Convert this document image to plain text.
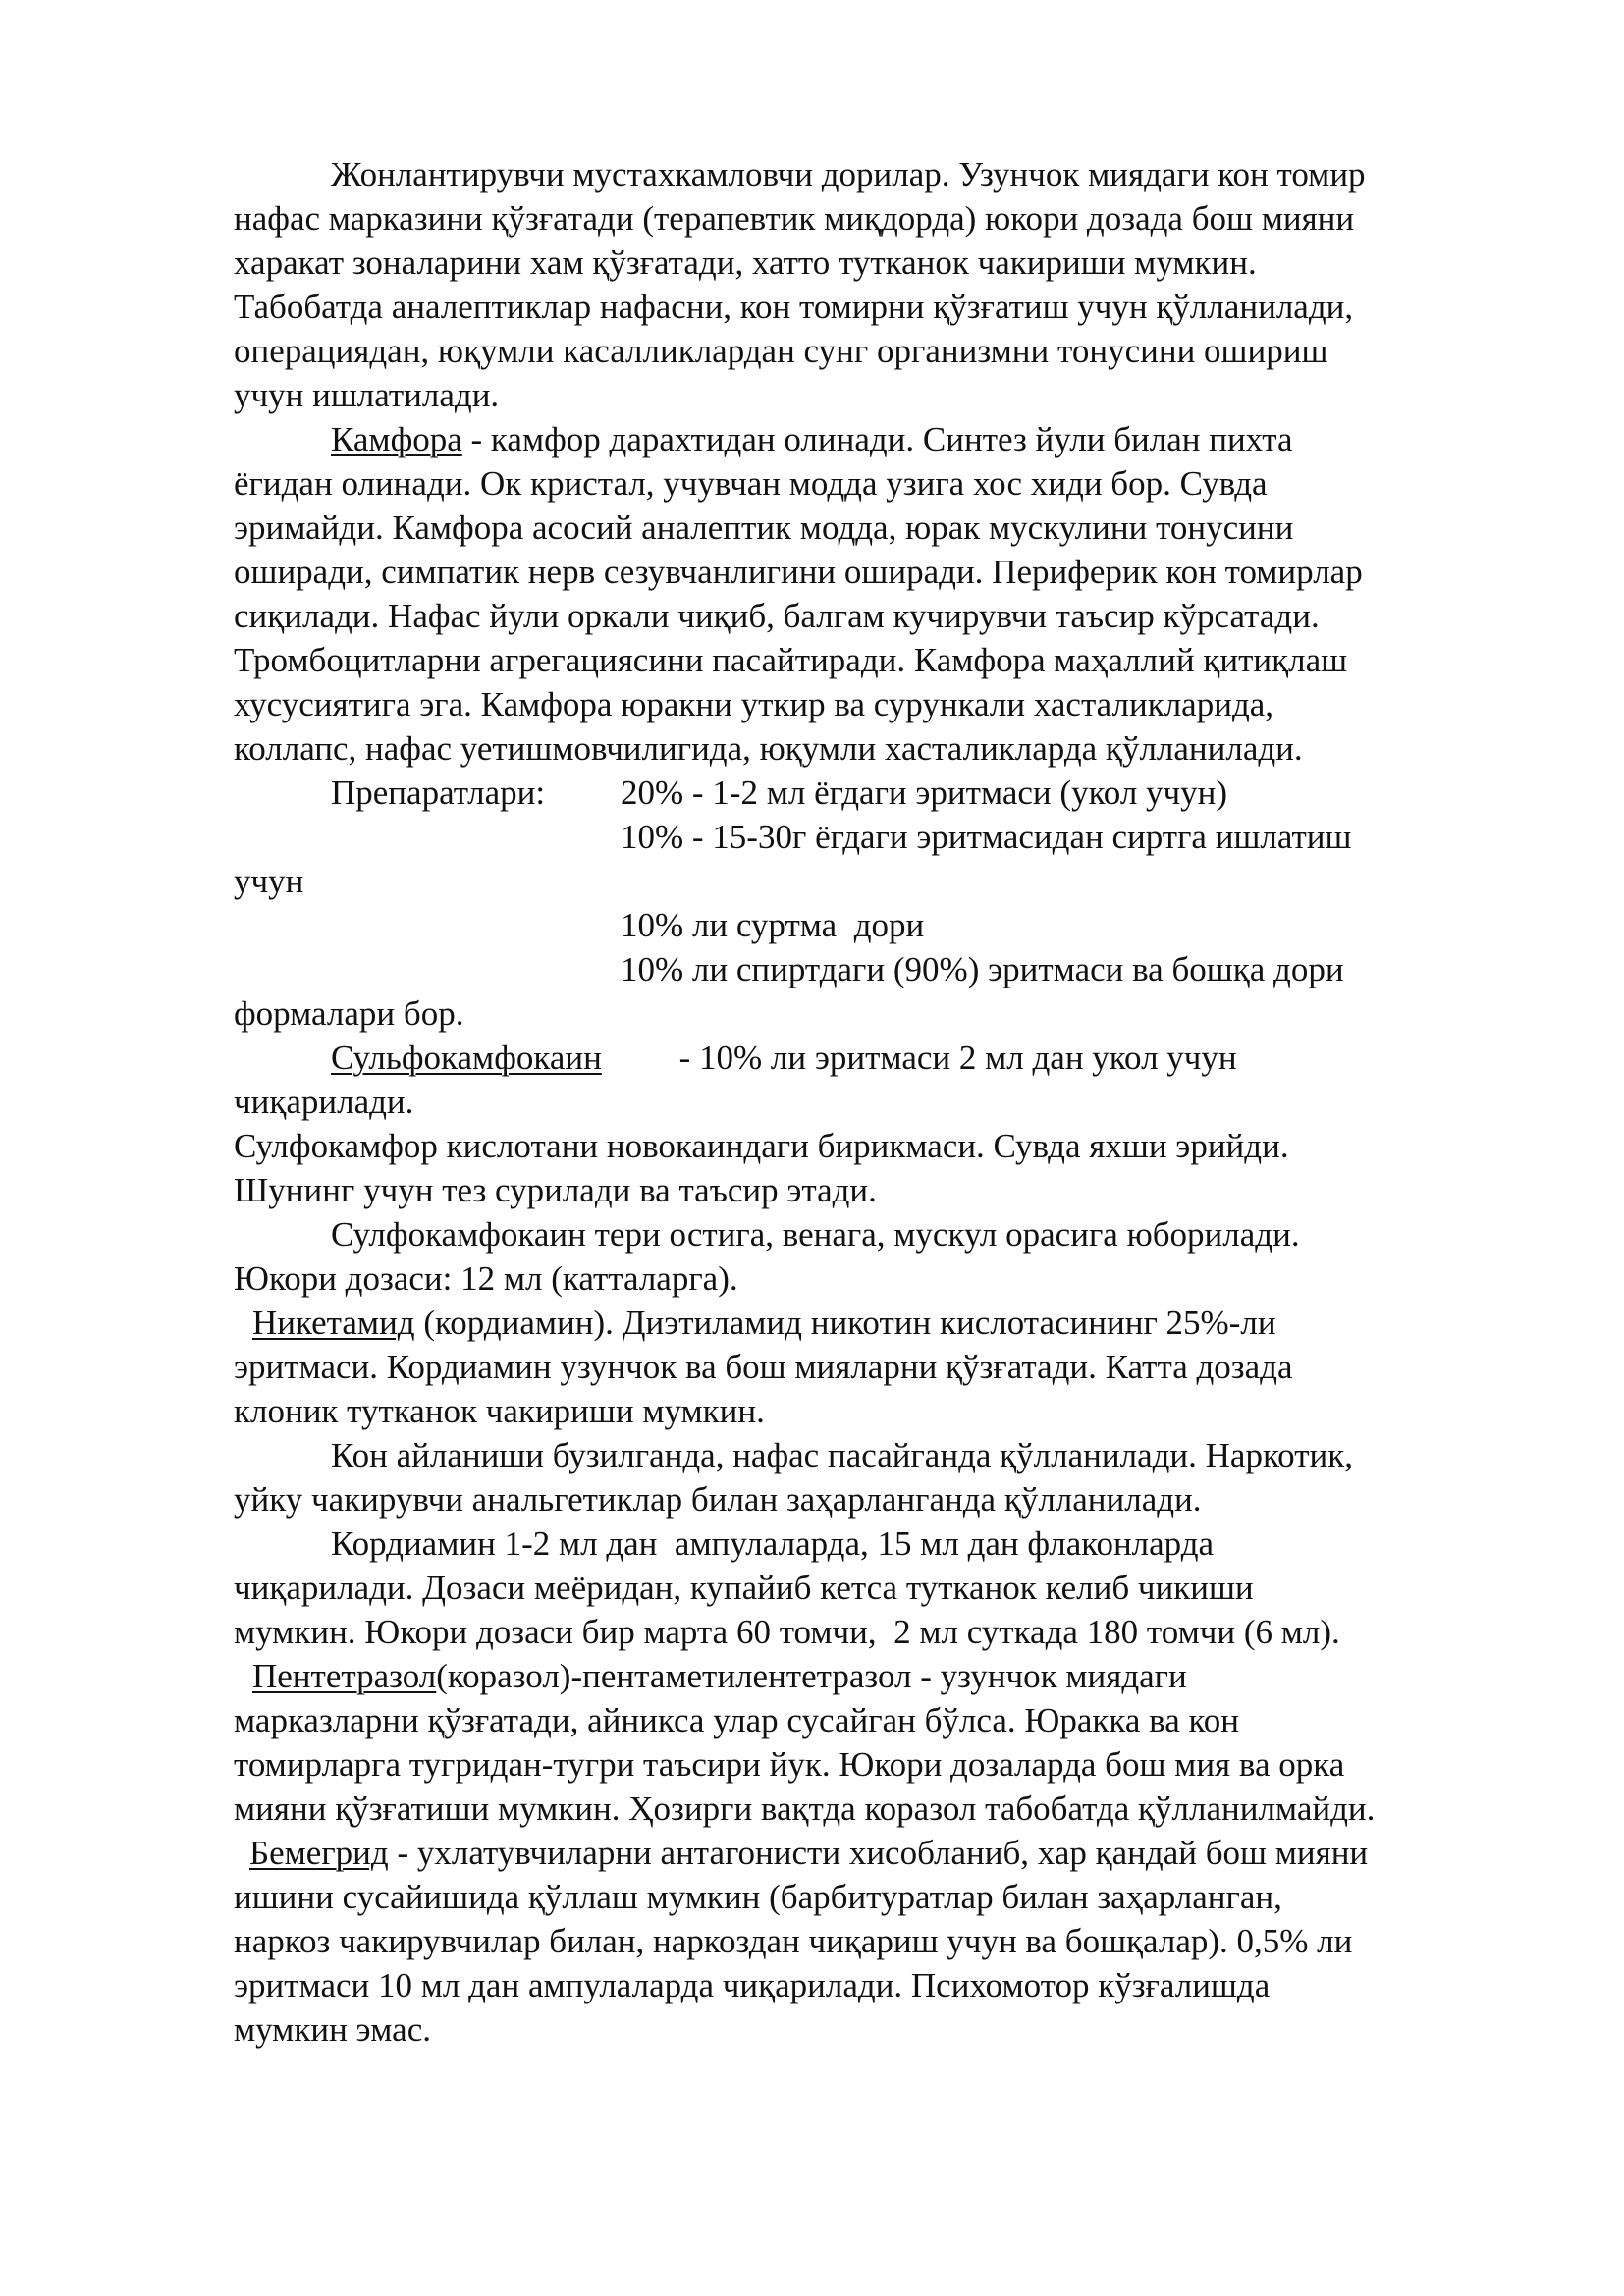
Жонлантирувчи мустахкамловчи дорилар. Узунчок миядаги кон томир
нафас марказини қўзғатади (терапевтик миқдорда) юкори дозада бош мияни
харакат зоналарини хам қўзғатади, хатто тутканок чакириши мумкин.
Табобатда аналептиклар нафасни, кон томирни қўзғатиш учун қўлланилади,
операциядан, юқумли касалликлардан сунг организмни тонусини ошириш
учун ишлатилади.
Камфора - камфор дарахтидан олинади. Синтез йули билан пихта
ёгидан олинади. Ок кристал, учувчан модда узига хос хиди бор. Сувда
эримайди. Камфора асосий аналептик модда, юрак мускулини тонусини
оширади, симпатик нерв сезувчанлигини оширади. Периферик кон томирлар
сиқилади. Нафас йули оркали чиқиб, балгам кучирувчи таъсир кўрсатади.
Тромбоцитларни агрегациясини пасайтиради. Камфора маҳаллий қитиқлаш
хусусиятига эга. Камфора юракни уткир ва сурункали хасталикларида,
коллапс, нафас уетишмовчилигида, юқумли хасталикларда қўлланилади.
Препаратлари: 20% - 1-2 мл ёгдаги эритмаси (укол учун)
10% - 15-30г ёгдаги эритмасидан сиртга ишлатиш
учун
10% ли суртма  дори
10% ли спиртдаги (90%) эритмаси ва бошқа дори
формалари бор.
Сульфокамфокаин         - 10% ли эритмаси 2 мл дан укол учун
чиқарилади.
Сулфокамфор кислотани новокаиндаги бирикмаси. Сувда яхши эрийди.
Шунинг учун тез сурилади ва таъсир этади.
Сулфокамфокаин тери остига, венага, мускул орасига юборилади.
Юкори дозаси: 12 мл (катталарга).
Никетамид (кордиамин). Диэтиламид никотин кислотасининг 25%-ли
эритмаси. Кордиамин узунчок ва бош мияларни қўзғатади. Катта дозада
клоник тутканок чакириши мумкин.
Кон айланиши бузилганда, нафас пасайганда қўлланилади. Наркотик,
уйку чакирувчи анальгетиклар билан заҳарланганда қўлланилади.
Кордиамин 1-2 мл дан  ампулаларда, 15 мл дан флаконларда
чиқарилади. Дозаси меёридан, купайиб кетса тутканок келиб чикиши
мумкин. Юкори дозаси бир марта 60 томчи,  2 мл суткада 180 томчи (6 мл).
Пентетразол(коразол)-пентаметилентетразол - узунчок миядаги
марказларни қўзғатади, айникса улар сусайган бўлса. Юракка ва кон
томирларга тугридан-тугри таъсири йук. Юкори дозаларда бош мия ва орка
мияни қўзғатиши мумкин. Ҳозирги вақтда коразол табобатда қўлланилмайди.
Бемегрид - ухлатувчиларни антагонисти хисобланиб, хар қандай бош мияни
ишини сусайишида қўллаш мумкин (барбитуратлар билан заҳарланган,
наркоз чакирувчилар билан, наркоздан чиқариш учун ва бошқалар). 0,5% ли
эритмаси 10 мл дан ампулаларда чиқарилади. Психомотор кўзғалишда
мумкин эмас.
